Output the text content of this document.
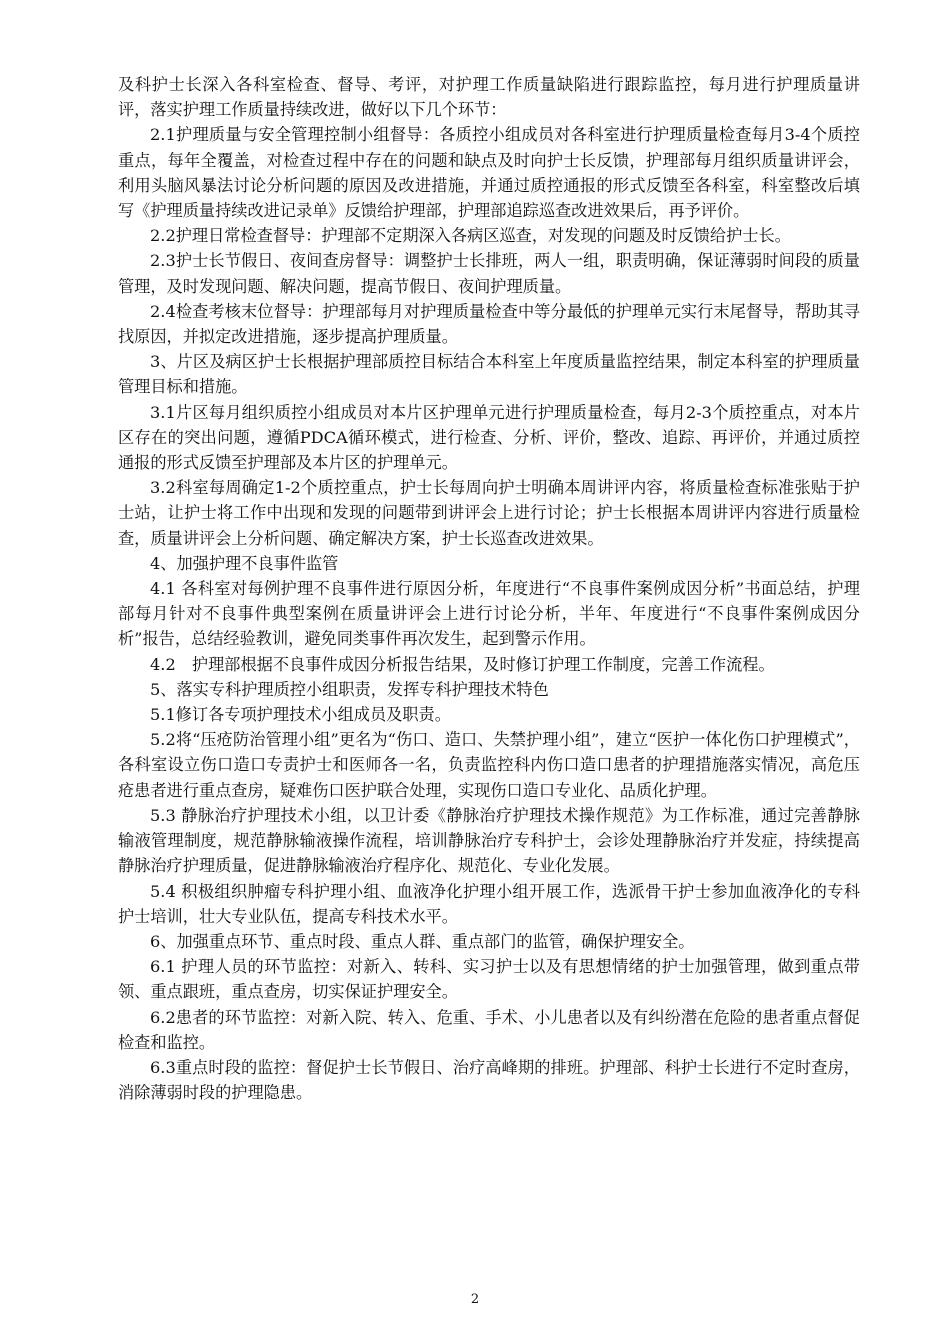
及科护士长深入各科室检查、督导、考评，对护理工作质量缺陷进行跟踪监控，每月进行护理质量讲评，落实护理工作质量持续改进，做好以下几个环节：

2.1护理质量与安全管理控制小组督导：各质控小组成员对各科室进行护理质量检查每月3-4个质控重点，每年全覆盖，对检查过程中存在的问题和缺点及时向护士长反馈，护理部每月组织质量讲评会，利用头脑风暴法讨论分析问题的原因及改进措施，并通过质控通报的形式反馈至各科室，科室整改后填写《护理质量持续改进记录单》反馈给护理部，护理部追踪巡查改进效果后，再予评价。

2.2护理日常检查督导：护理部不定期深入各病区巡查，对发现的问题及时反馈给护士长。

2.3护士长节假日、夜间查房督导：调整护士长排班，两人一组，职责明确，保证薄弱时间段的质量管理，及时发现问题、解决问题，提高节假日、夜间护理质量。

2.4检查考核末位督导：护理部每月对护理质量检查中等分最低的护理单元实行末尾督导，帮助其寻找原因，并拟定改进措施，逐步提高护理质量。

3、片区及病区护士长根据护理部质控目标结合本科室上年度质量监控结果，制定本科室的护理质量管理目标和措施。

3.1片区每月组织质控小组成员对本片区护理单元进行护理质量检查，每月2-3个质控重点，对本片区存在的突出问题，遵循PDCA循环模式，进行检查、分析、评价，整改、追踪、再评价，并通过质控通报的形式反馈至护理部及本片区的护理单元。

3.2科室每周确定1-2个质控重点，护士长每周向护士明确本周讲评内容，将质量检查标准张贴于护士站，让护士将工作中出现和发现的问题带到讲评会上进行讨论；护士长根据本周讲评内容进行质量检查，质量讲评会上分析问题、确定解决方案，护士长巡查改进效果。

4、加强护理不良事件监管

4.1 各科室对每例护理不良事件进行原因分析，年度进行“不良事件案例成因分析”书面总结，护理部每月针对不良事件典型案例在质量讲评会上进行讨论分析，半年、年度进行“不良事件案例成因分析”报告，总结经验教训，避免同类事件再次发生，起到警示作用。

4.2　护理部根据不良事件成因分析报告结果，及时修订护理工作制度，完善工作流程。

5、落实专科护理质控小组职责，发挥专科护理技术特色

5.1修订各专项护理技术小组成员及职责。

5.2将“压疮防治管理小组”更名为“伤口、造口、失禁护理小组”，建立“医护一体化伤口护理模式”，各科室设立伤口造口专责护士和医师各一名，负责监控科内伤口造口患者的护理措施落实情况，高危压疮患者进行重点查房，疑难伤口医护联合处理，实现伤口造口专业化、品质化护理。

5.3 静脉治疗护理技术小组，以卫计委《静脉治疗护理技术操作规范》为工作标准，通过完善静脉输液管理制度，规范静脉输液操作流程，培训静脉治疗专科护士，会诊处理静脉治疗并发症，持续提高静脉治疗护理质量，促进静脉输液治疗程序化、规范化、专业化发展。

5.4 积极组织肿瘤专科护理小组、血液净化护理小组开展工作，选派骨干护士参加血液净化的专科护士培训，壮大专业队伍，提高专科技术水平。

6、加强重点环节、重点时段、重点人群、重点部门的监管，确保护理安全。

6.1 护理人员的环节监控：对新入、转科、实习护士以及有思想情绪的护士加强管理，做到重点带领、重点跟班，重点查房，切实保证护理安全。

6.2患者的环节监控：对新入院、转入、危重、手术、小儿患者以及有纠纷潜在危险的患者重点督促检查和监控。

6.3重点时段的监控：督促护士长节假日、治疗高峰期的排班。护理部、科护士长进行不定时查房，消除薄弱时段的护理隐患。

2
